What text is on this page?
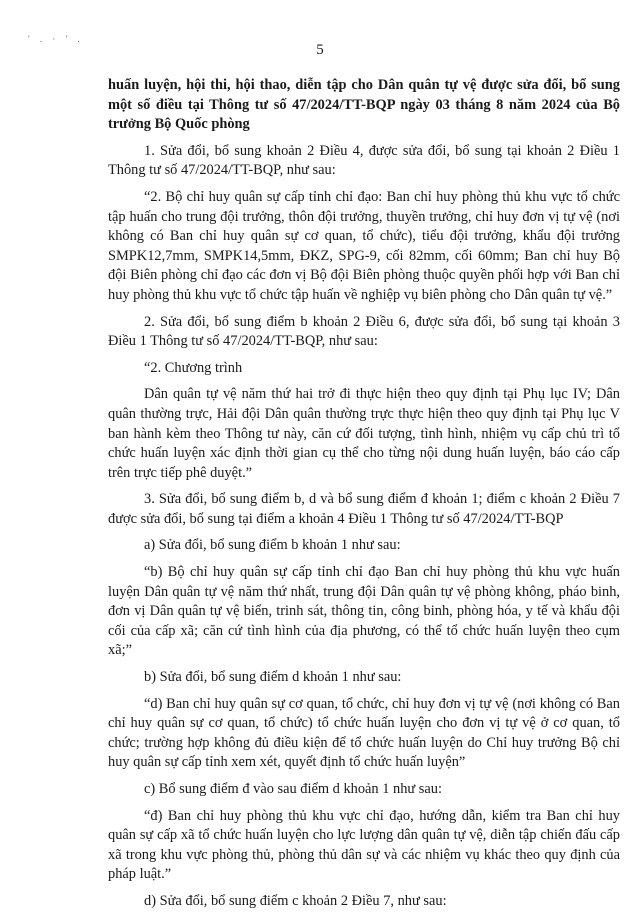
' . · ' .
5

huấn luyện, hội thi, hội thao, diễn tập cho Dân quân tự vệ được sửa đổi, bổ sung một số điều tại Thông tư số 47/2024/TT-BQP ngày 03 tháng 8 năm 2024 của Bộ trưởng Bộ Quốc phòng

1. Sửa đổi, bổ sung khoản 2 Điều 4, được sửa đổi, bổ sung tại khoản 2 Điều 1 Thông tư số 47/2024/TT-BQP, như sau:

“2. Bộ chỉ huy quân sự cấp tỉnh chỉ đạo: Ban chỉ huy phòng thủ khu vực tổ chức tập huấn cho trung đội trưởng, thôn đội trưởng, thuyền trưởng, chỉ huy đơn vị tự vệ (nơi không có Ban chỉ huy quân sự cơ quan, tổ chức), tiểu đội trưởng, khẩu đội trưởng SMPK12,7mm, SMPK14,5mm, ĐKZ, SPG-9, cối 82mm, cối 60mm; Ban chỉ huy Bộ đội Biên phòng chỉ đạo các đơn vị Bộ đội Biên phòng thuộc quyền phối hợp với Ban chỉ huy phòng thủ khu vực tổ chức tập huấn về nghiệp vụ biên phòng cho Dân quân tự vệ.”

2. Sửa đổi, bổ sung điểm b khoản 2 Điều 6, được sửa đổi, bổ sung tại khoản 3 Điều 1 Thông tư số 47/2024/TT-BQP, như sau:

“2. Chương trình

Dân quân tự vệ năm thứ hai trở đi thực hiện theo quy định tại Phụ lục IV; Dân quân thường trực, Hải đội Dân quân thường trực thực hiện theo quy định tại Phụ lục V ban hành kèm theo Thông tư này, căn cứ đối tượng, tình hình, nhiệm vụ cấp chủ trì tổ chức huấn luyện xác định thời gian cụ thể cho từng nội dung huấn luyện, báo cáo cấp trên trực tiếp phê duyệt.”

3. Sửa đổi, bổ sung điểm b, d và bổ sung điểm đ khoản 1; điểm c khoản 2 Điều 7 được sửa đổi, bổ sung tại điểm a khoản 4 Điều 1 Thông tư số 47/2024/TT-BQP

a) Sửa đổi, bổ sung điểm b khoản 1 như sau:

“b) Bộ chỉ huy quân sự cấp tỉnh chỉ đạo Ban chỉ huy phòng thủ khu vực huấn luyện Dân quân tự vệ năm thứ nhất, trung đội Dân quân tự vệ phòng không, pháo binh, đơn vị Dân quân tự vệ biển, trinh sát, thông tin, công binh, phòng hóa, y tế và khẩu đội cối của cấp xã; căn cứ tình hình của địa phương, có thể tổ chức huấn luyện theo cụm xã;”

b) Sửa đổi, bổ sung điểm d khoản 1 như sau:

“d) Ban chỉ huy quân sự cơ quan, tổ chức, chỉ huy đơn vị tự vệ (nơi không có Ban chỉ huy quân sự cơ quan, tổ chức) tổ chức huấn luyện cho đơn vị tự vệ ở cơ quan, tổ chức; trường hợp không đủ điều kiện để tổ chức huấn luyện do Chỉ huy trưởng Bộ chỉ huy quân sự cấp tỉnh xem xét, quyết định tổ chức huấn luyện”

c) Bổ sung điểm đ vào sau điểm d khoản 1 như sau:

“đ) Ban chỉ huy phòng thủ khu vực chỉ đạo, hướng dẫn, kiểm tra Ban chỉ huy quân sự cấp xã tổ chức huấn luyện cho lực lượng dân quân tự vệ, diễn tập chiến đấu cấp xã trong khu vực phòng thủ, phòng thủ dân sự và các nhiệm vụ khác theo quy định của pháp luật.”

d) Sửa đổi, bổ sung điểm c khoản 2 Điều 7, như sau:
